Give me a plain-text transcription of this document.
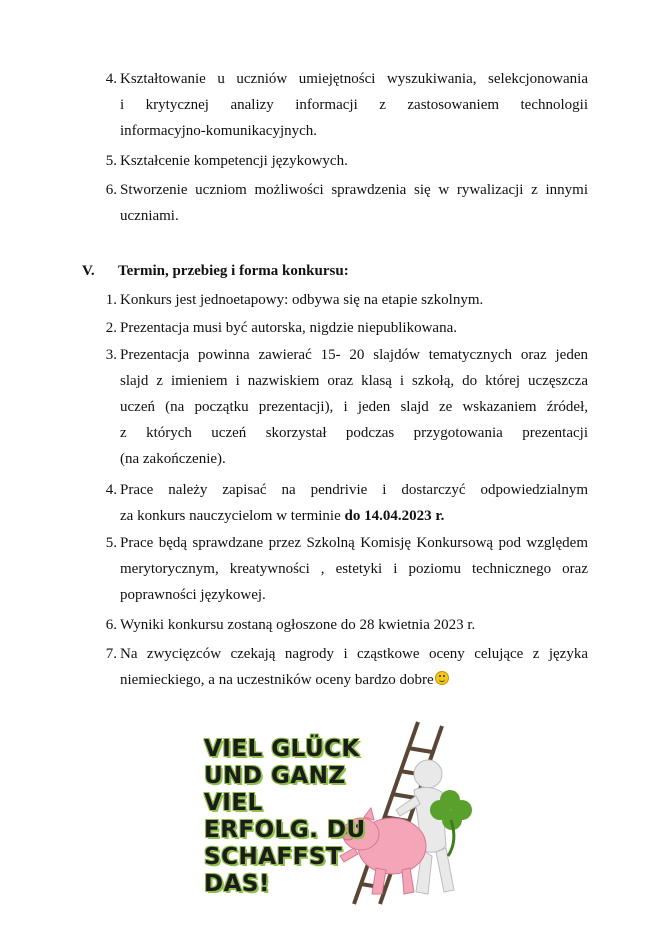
4. Kształtowanie u uczniów umiejętności wyszukiwania, selekcjonowania
i krytycznej analizy informacji z zastosowaniem technologii
informacyjno-komunikacyjnych.
5. Kształcenie kompetencji językowych.
6. Stworzenie uczniom możliwości sprawdzenia się w rywalizacji z innymi
uczniami.
V. Termin, przebieg i forma konkursu:
1. Konkurs jest jednoetapowy: odbywa się na etapie szkolnym.
2. Prezentacja musi być autorska, nigdzie niepublikowana.
3. Prezentacja powinna zawierać 15- 20 slajdów tematycznych oraz jeden
slajd z imieniem i nazwiskiem oraz klasą i szkołą, do której uczęszcza
uczeń (na początku prezentacji), i jeden slajd ze wskazaniem źródeł,
z których uczeń skorzystał podczas przygotowania prezentacji
(na zakończenie).
4. Prace należy zapisać na pendrivie i dostarczyć odpowiedzialnym
za konkurs nauczycielom w terminie do 14.04.2023 r.
5. Prace będą sprawdzane przez Szkolną Komisję Konkursową pod względem
merytorycznym, kreatywności , estetyki i poziomu technicznego oraz
poprawności językowej.
6. Wyniki konkursu zostaną ogłoszone do 28 kwietnia 2023 r.
7. Na zwycięzców czekają nagrody i cząstkowe oceny celujące z języka
niemieckiego, a na uczestników oceny bardzo dobre
VIEL GLÜCK
UND GANZ
VIEL
ERFOLG. DU
SCHAFFST
DAS!
